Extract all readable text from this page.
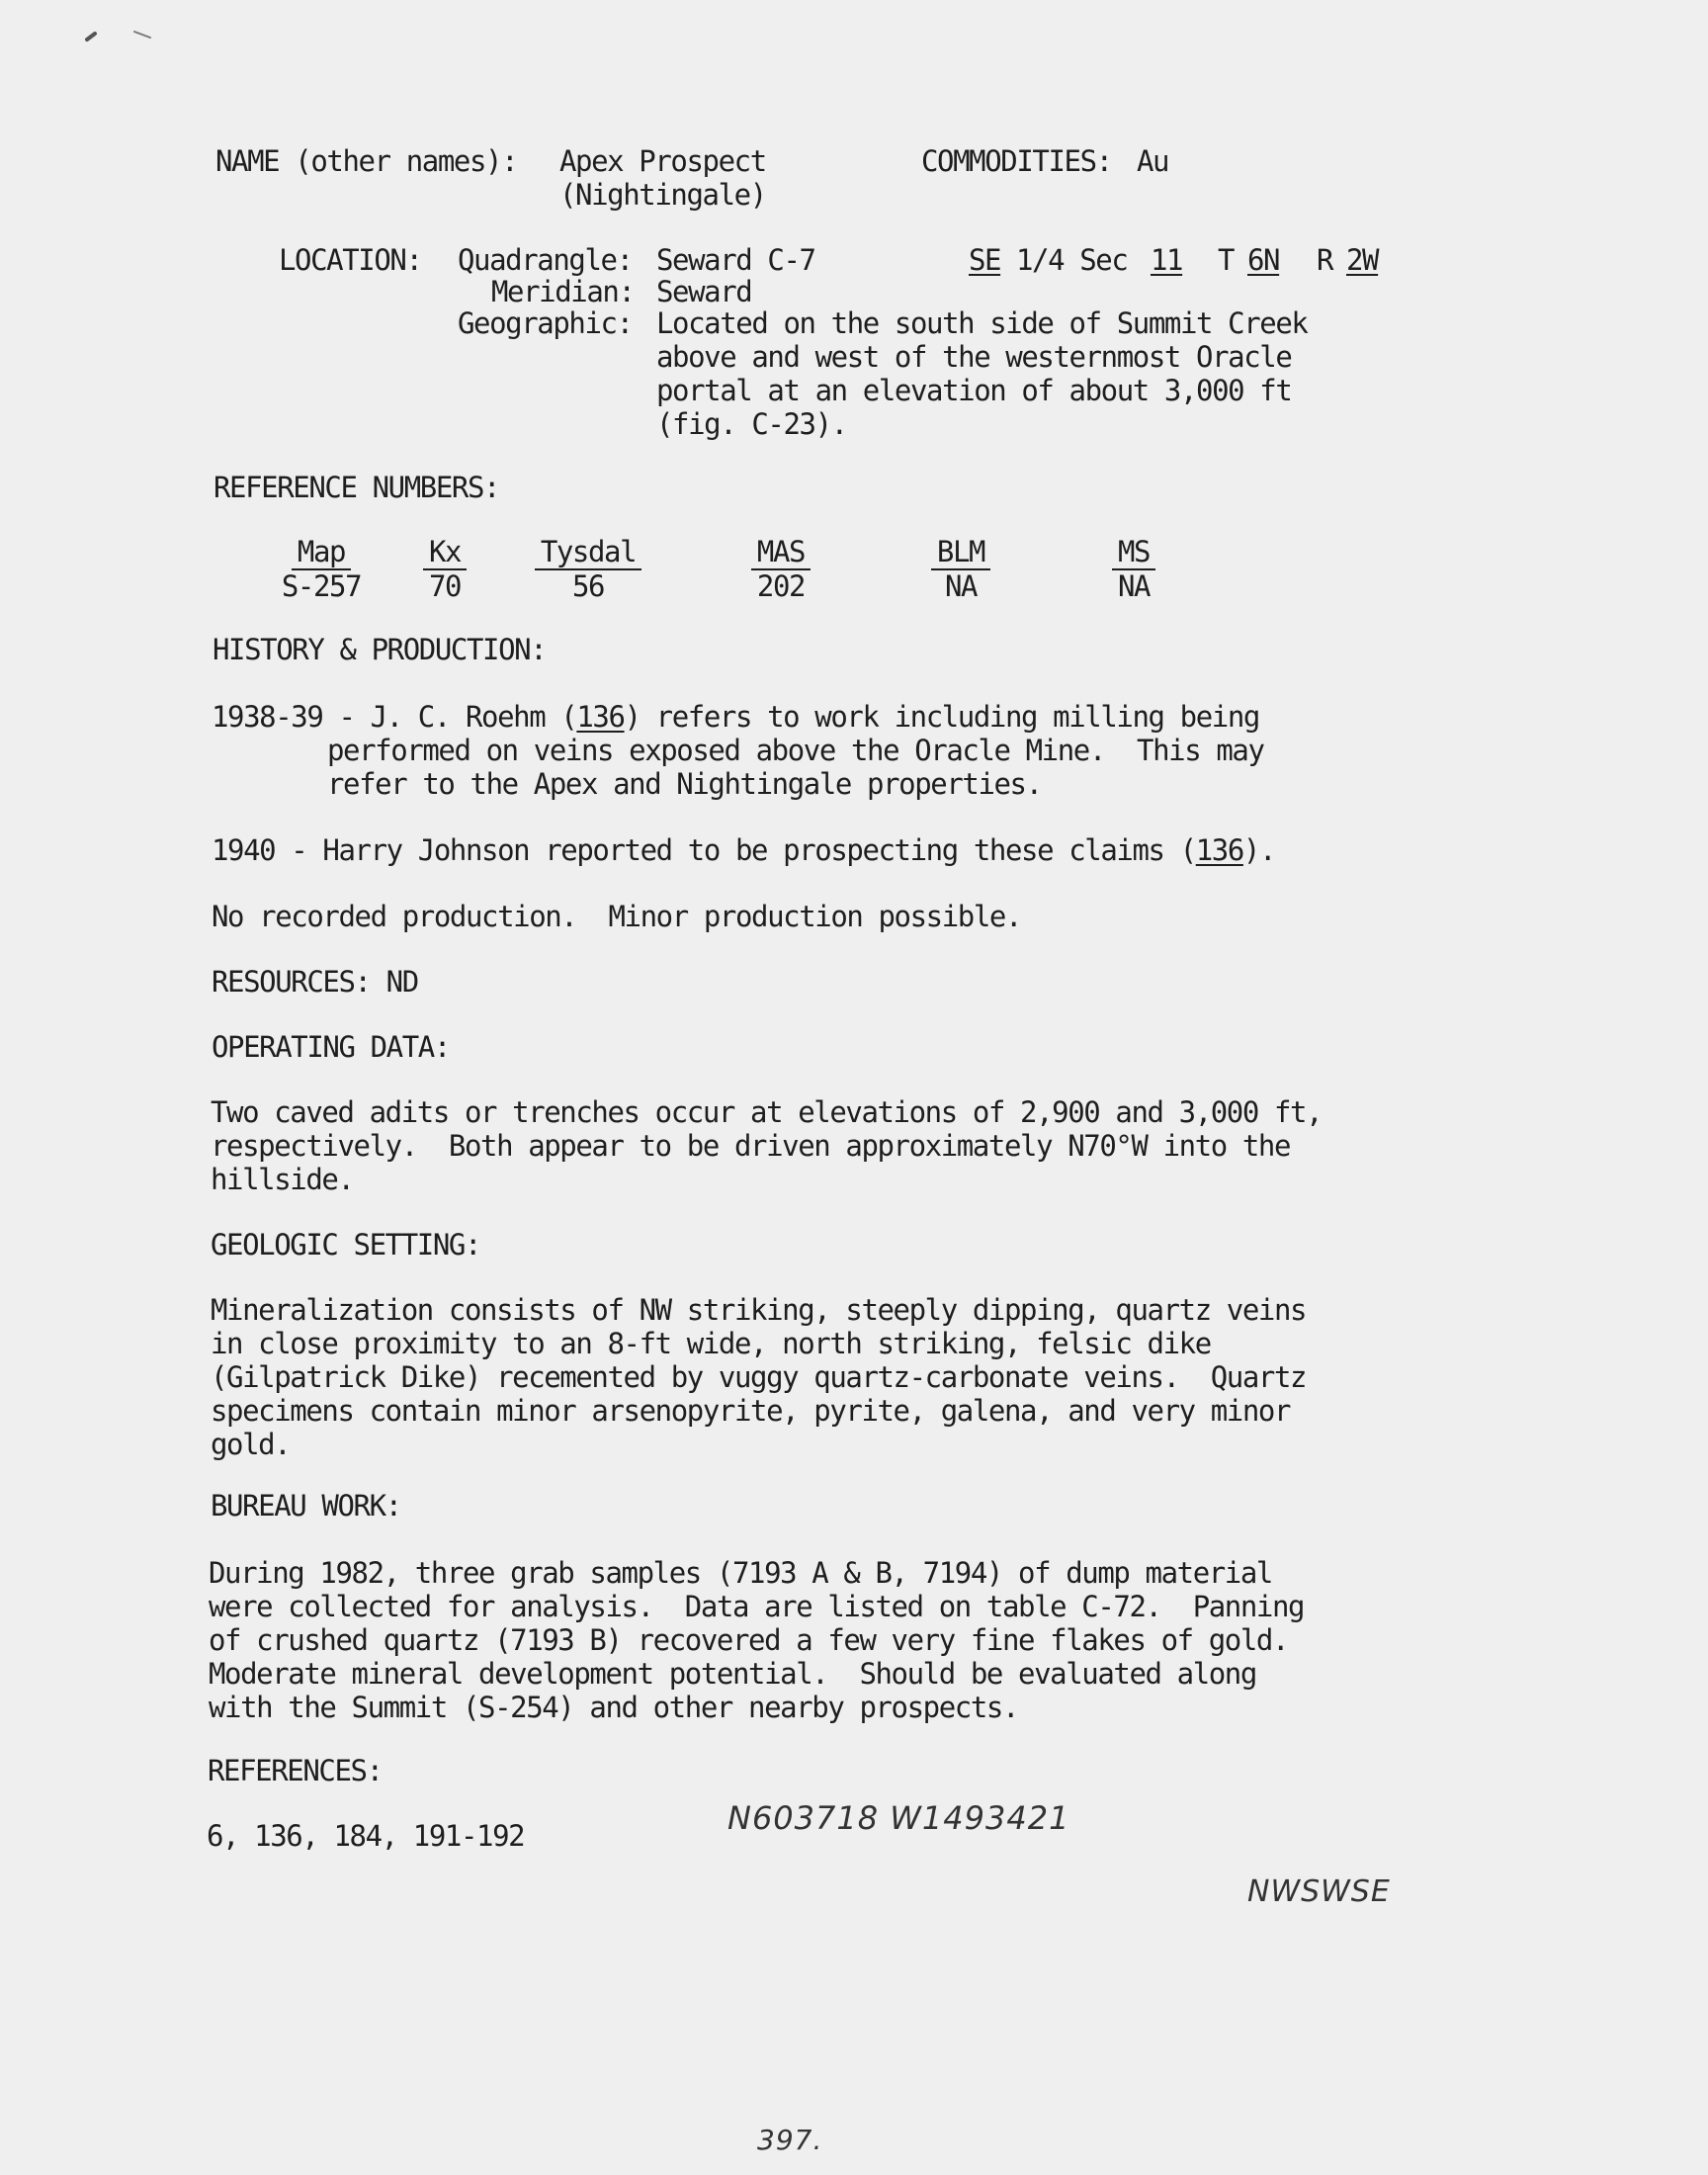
NAME (other names): Apex Prospect
(Nightingale)
COMMODITIES: Au
LOCATION: Quadrangle: Seward C-7	SE 1/4 Sec 11 T 6N R 2W
Meridian: Seward
Geographic: Located on the south side of Summit Creek
above and west of the westernmost Oracle
portal at an elevation of about 3,000 ft
(fig. C-23).
REFERENCE NUMBERS:
Map
S-257
Kx
70
Tysdal
56
MAS
202
BLM
NA
MS
NA
HISTORY & PRODUCTION:
1938-39 - J. C. Roehm (136) refers to work including milling being
performed on veins exposed above the Oracle Mine.  This may
refer to the Apex and Nightingale properties.
1940 - Harry Johnson reported to be prospecting these claims (136).
No recorded production.  Minor production possible.
RESOURCES: ND
OPERATING DATA:
Two caved adits or trenches occur at elevations of 2,900 and 3,000 ft,
respectively.  Both appear to be driven approximately N70°W into the
hillside.
GEOLOGIC SETTING:
Mineralization consists of NW striking, steeply dipping, quartz veins
in close proximity to an 8-ft wide, north striking, felsic dike
(Gilpatrick Dike) recemented by vuggy quartz-carbonate veins.  Quartz
specimens contain minor arsenopyrite, pyrite, galena, and very minor
gold.
BUREAU WORK:
During 1982, three grab samples (7193 A & B, 7194) of dump material
were collected for analysis.  Data are listed on table C-72.  Panning
of crushed quartz (7193 B) recovered a few very fine flakes of gold.
Moderate mineral development potential.  Should be evaluated along
with the Summit (S-254) and other nearby prospects.
REFERENCES:
6, 136, 184, 191-192	N603718 W1493421
NWSWSE
397.
